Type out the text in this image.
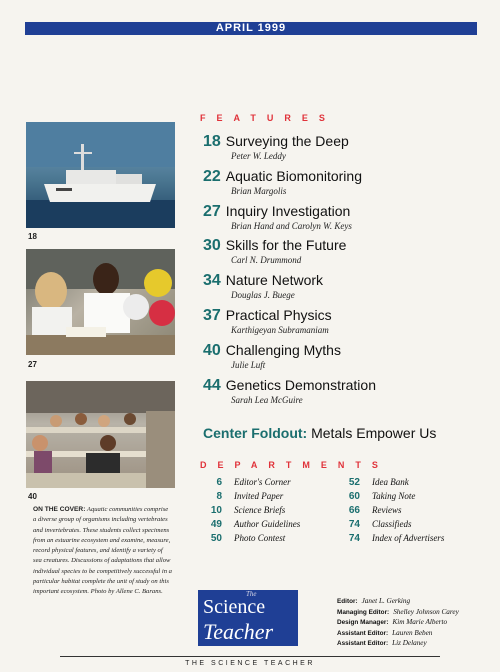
APRIL 1999
18
27
40
FEATURES
18 Surveying the Deep
Peter W. Leddy
22 Aquatic Biomonitoring
Brian Margolis
27 Inquiry Investigation
Brian Hand and Carolyn W. Keys
30 Skills for the Future
Carl N. Drummond
34 Nature Network
Douglas J. Buege
37 Practical Physics
Karthigeyan Subramaniam
40 Challenging Myths
Julie Luft
44 Genetics Demonstration
Sarah Lea McGuire
Center Foldout: Metals Empower Us
DEPARTMENTS
6 Editor's Corner
8 Invited Paper
10 Science Briefs
49 Author Guidelines
50 Photo Contest
52 Idea Bank
60 Taking Note
66 Reviews
74 Classifieds
74 Index of Advertisers
ON THE COVER: Aquatic communities comprise a diverse group of organisms including vertebrates and invertebrates. These students collect specimens from an estuarine ecosystem and examine, measure, record physical features, and identify a variety of sea creatures. Discussions of adaptations that allow individual species to be competitively successful in a particular habitat complete the unit of study on this important ecosystem. Photo by Allene C. Barans.	The
Science
Teacher
Editor: Janet L. Gerking
Managing Editor: Shelley Johnson Carey
Design Manager: Kim Marie Alberto
Assistant Editor: Lauren Beben
Assistant Editor: Liz Delaney
THE SCIENCE TEACHER
